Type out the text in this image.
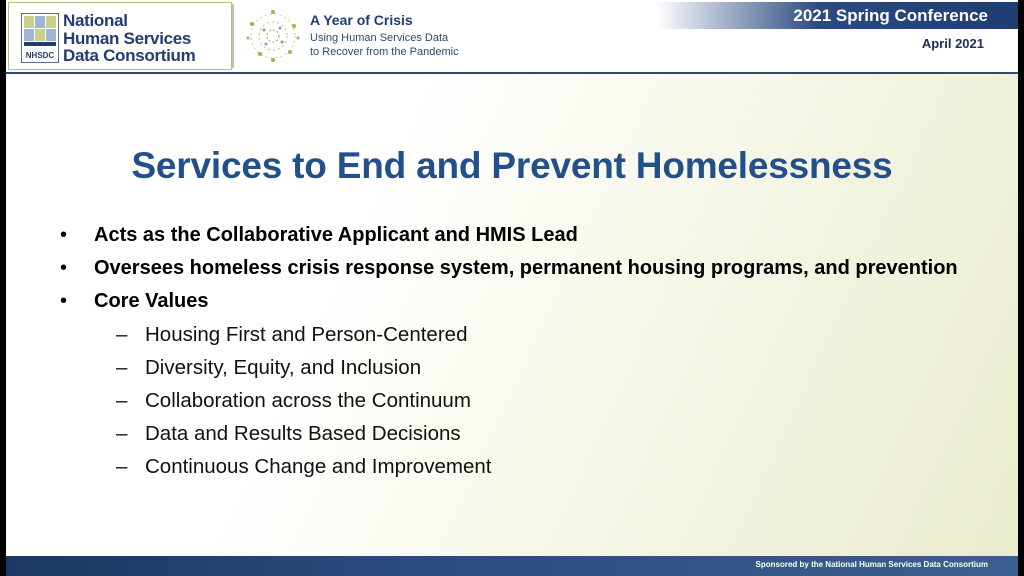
NHSDC
National
Human Services
Data Consortium
A Year of Crisis
Using Human Services Data
to Recover from the Pandemic
2021 Spring Conference
April 2021
Services to End and Prevent Homelessness
• Acts as the Collaborative Applicant and HMIS Lead
• Oversees homeless crisis response system, permanent housing programs, and prevention
• Core Values
– Housing First and Person-Centered
– Diversity, Equity, and Inclusion
– Collaboration across the Continuum
– Data and Results Based Decisions
– Continuous Change and Improvement
Sponsored by the National Human Services Data Consortium
